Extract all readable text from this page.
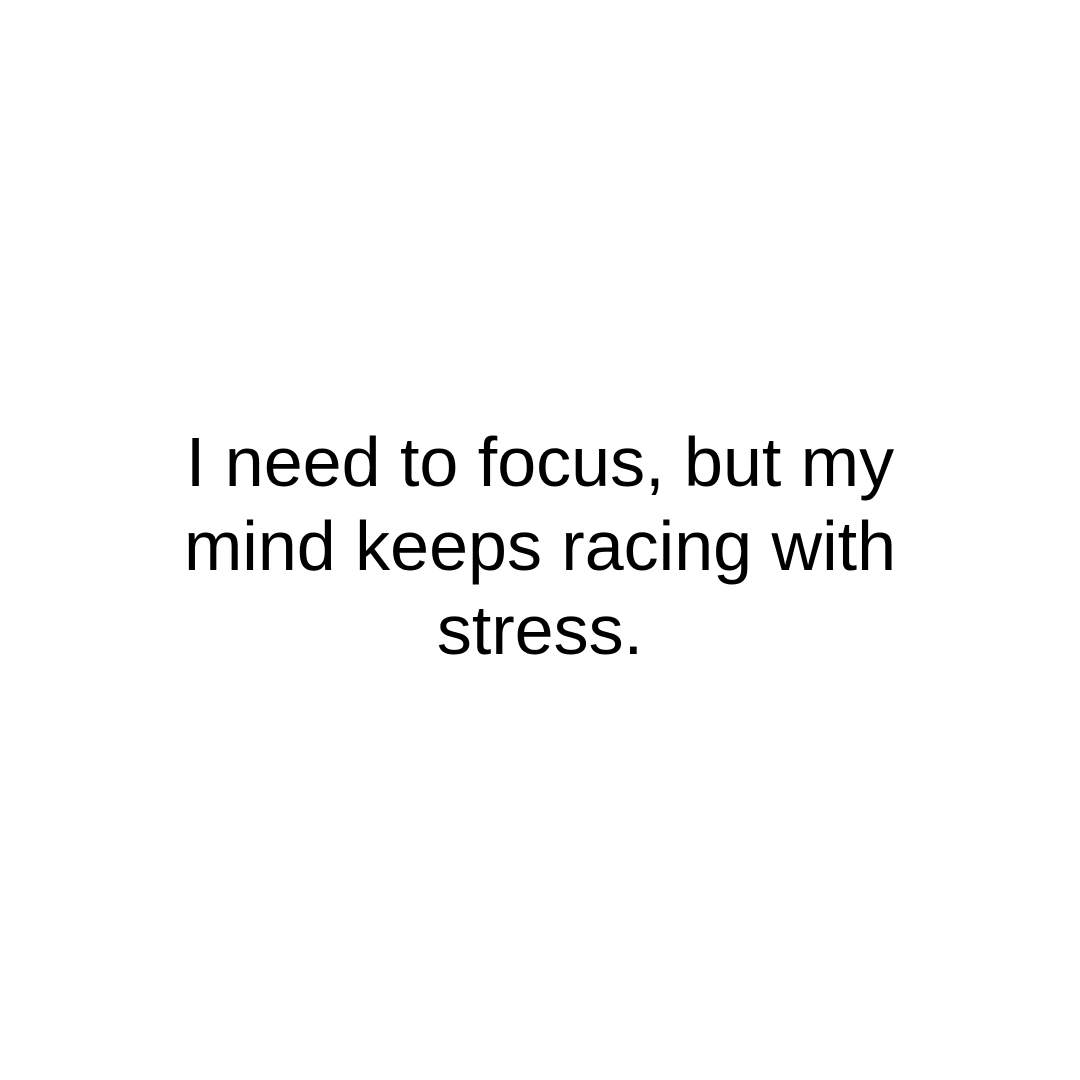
I need to focus, but my
mind keeps racing with
stress.
